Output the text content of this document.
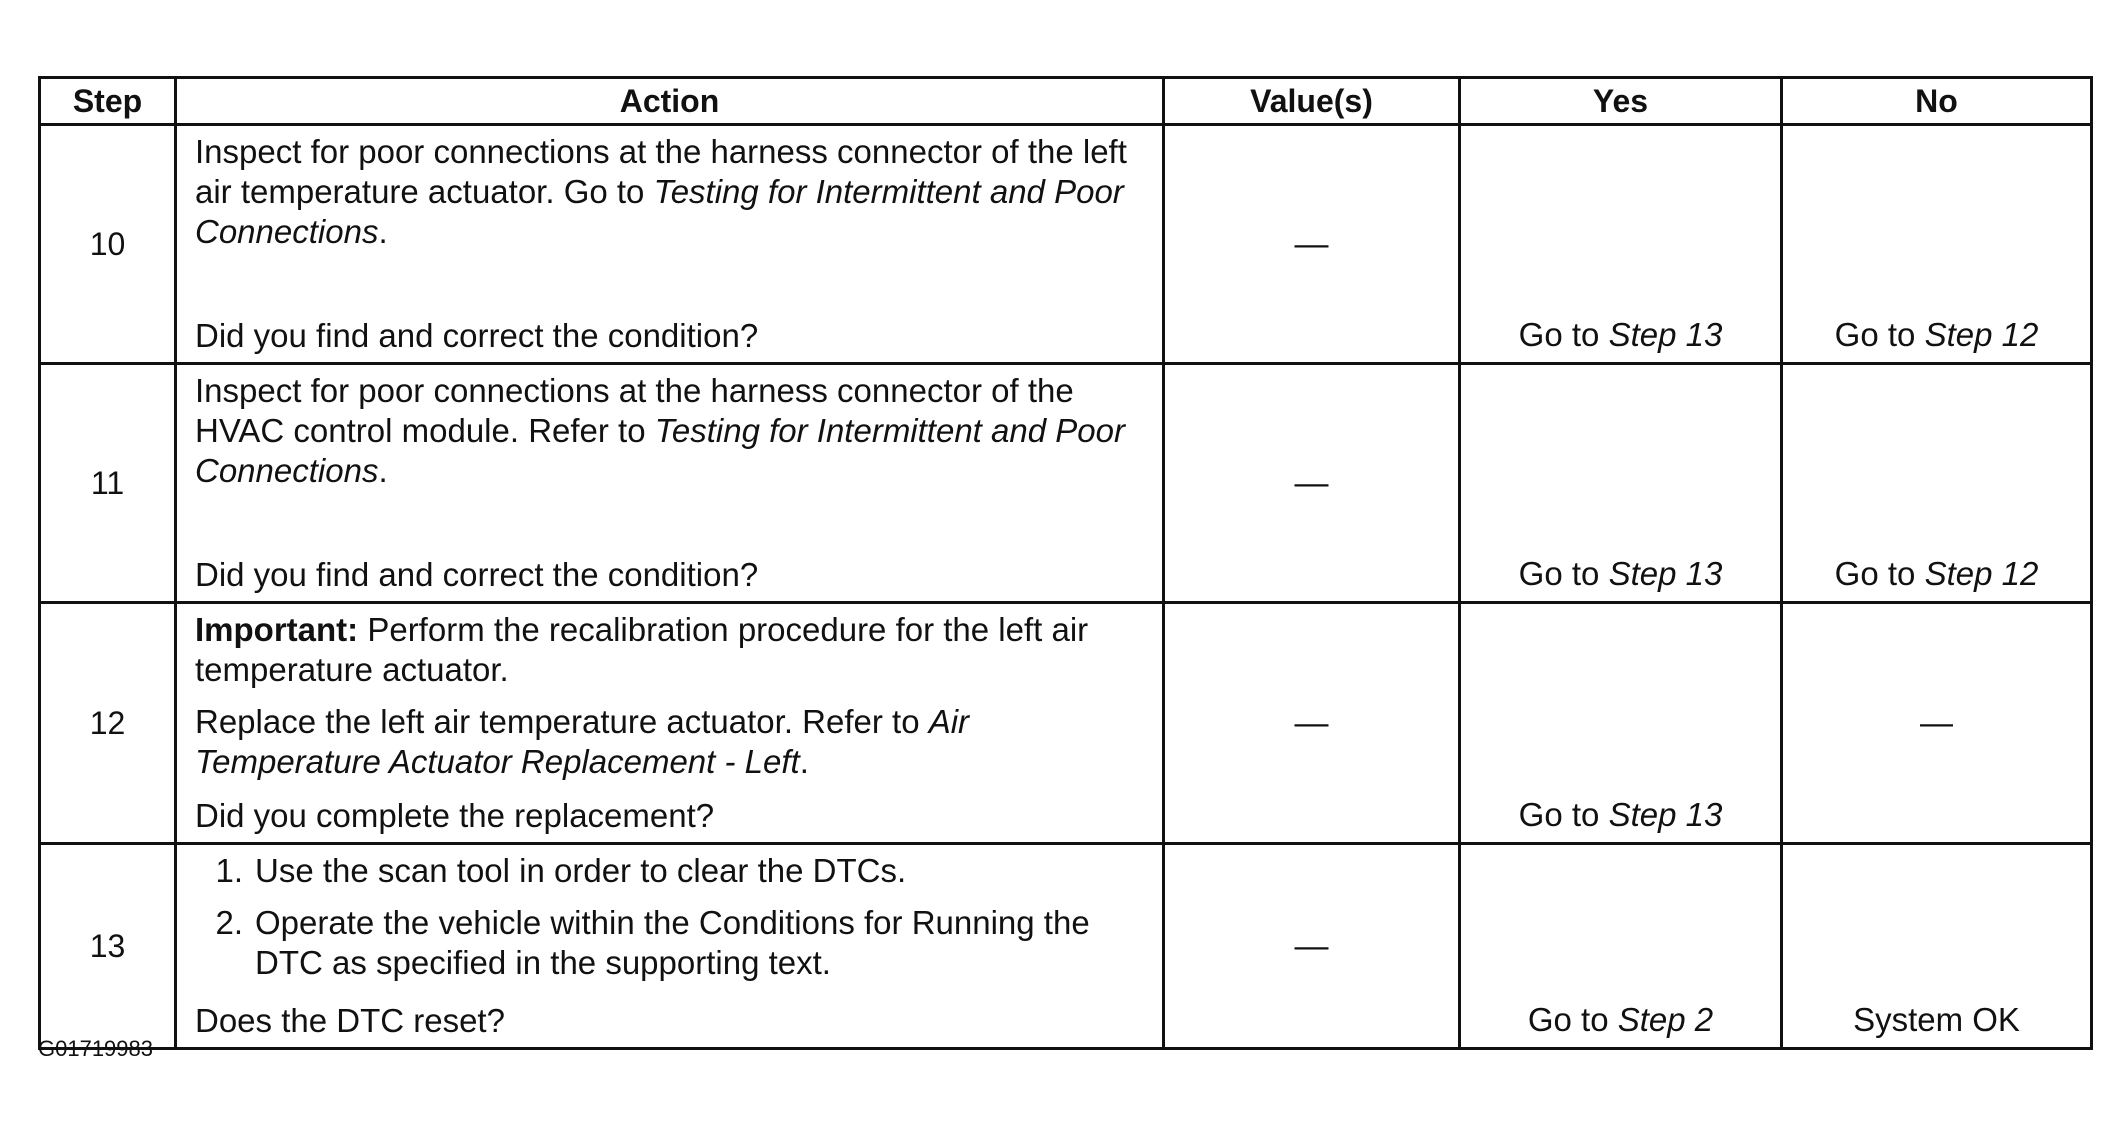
Step	Action	Value(s)	Yes	No
10	Inspect for poor connections at the harness connector of the left air temperature actuator. Go to Testing for Intermittent and Poor Connections.
Did you find and correct the condition?	—	Go to Step 13	Go to Step 12
11	Inspect for poor connections at the harness connector of the HVAC control module. Refer to Testing for Intermittent and Poor Connections.
Did you find and correct the condition?	—	Go to Step 13	Go to Step 12
12	Important: Perform the recalibration procedure for the left air temperature actuator.
Replace the left air temperature actuator. Refer to Air Temperature Actuator Replacement - Left.
Did you complete the replacement?	—	Go to Step 13	—
13	1. Use the scan tool in order to clear the DTCs.
2. Operate the vehicle within the Conditions for Running the DTC as specified in the supporting text.
Does the DTC reset?	—	Go to Step 2	System OK
G01719983
